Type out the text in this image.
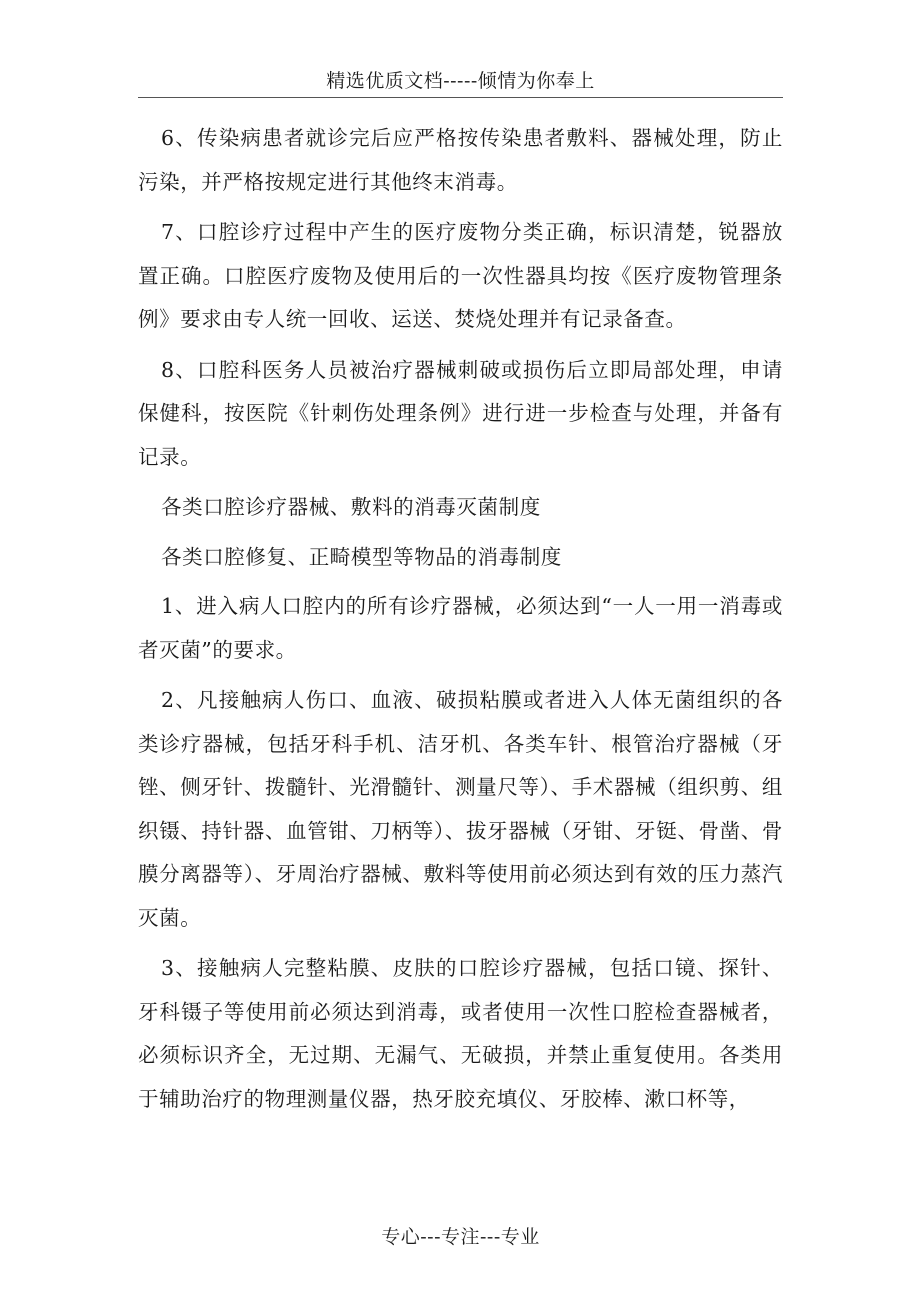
精选优质文档-----倾情为你奉上

6、传染病患者就诊完后应严格按传染患者敷料、器械处理，防止污染，并严格按规定进行其他终末消毒。

7、口腔诊疗过程中产生的医疗废物分类正确，标识清楚，锐器放置正确。口腔医疗废物及使用后的一次性器具均按《医疗废物管理条例》要求由专人统一回收、运送、焚烧处理并有记录备查。

8、口腔科医务人员被治疗器械刺破或损伤后立即局部处理，申请保健科，按医院《针刺伤处理条例》进行进一步检查与处理，并备有记录。

各类口腔诊疗器械、敷料的消毒灭菌制度

各类口腔修复、正畸模型等物品的消毒制度

1、进入病人口腔内的所有诊疗器械，必须达到“一人一用一消毒或者灭菌”的要求。

2、凡接触病人伤口、血液、破损粘膜或者进入人体无菌组织的各类诊疗器械，包括牙科手机、洁牙机、各类车针、根管治疗器械（牙锉、侧牙针、拨髓针、光滑髓针、测量尺等）、手术器械（组织剪、组织镊、持针器、血管钳、刀柄等）、拔牙器械（牙钳、牙铤、骨凿、骨膜分离器等）、牙周治疗器械、敷料等使用前必须达到有效的压力蒸汽灭菌。

3、接触病人完整粘膜、皮肤的口腔诊疗器械，包括口镜、探针、牙科镊子等使用前必须达到消毒，或者使用一次性口腔检查器械者，必须标识齐全，无过期、无漏气、无破损，并禁止重复使用。各类用于辅助治疗的物理测量仪器，热牙胶充填仪、牙胶棒、漱口杯等，

专心---专注---专业
